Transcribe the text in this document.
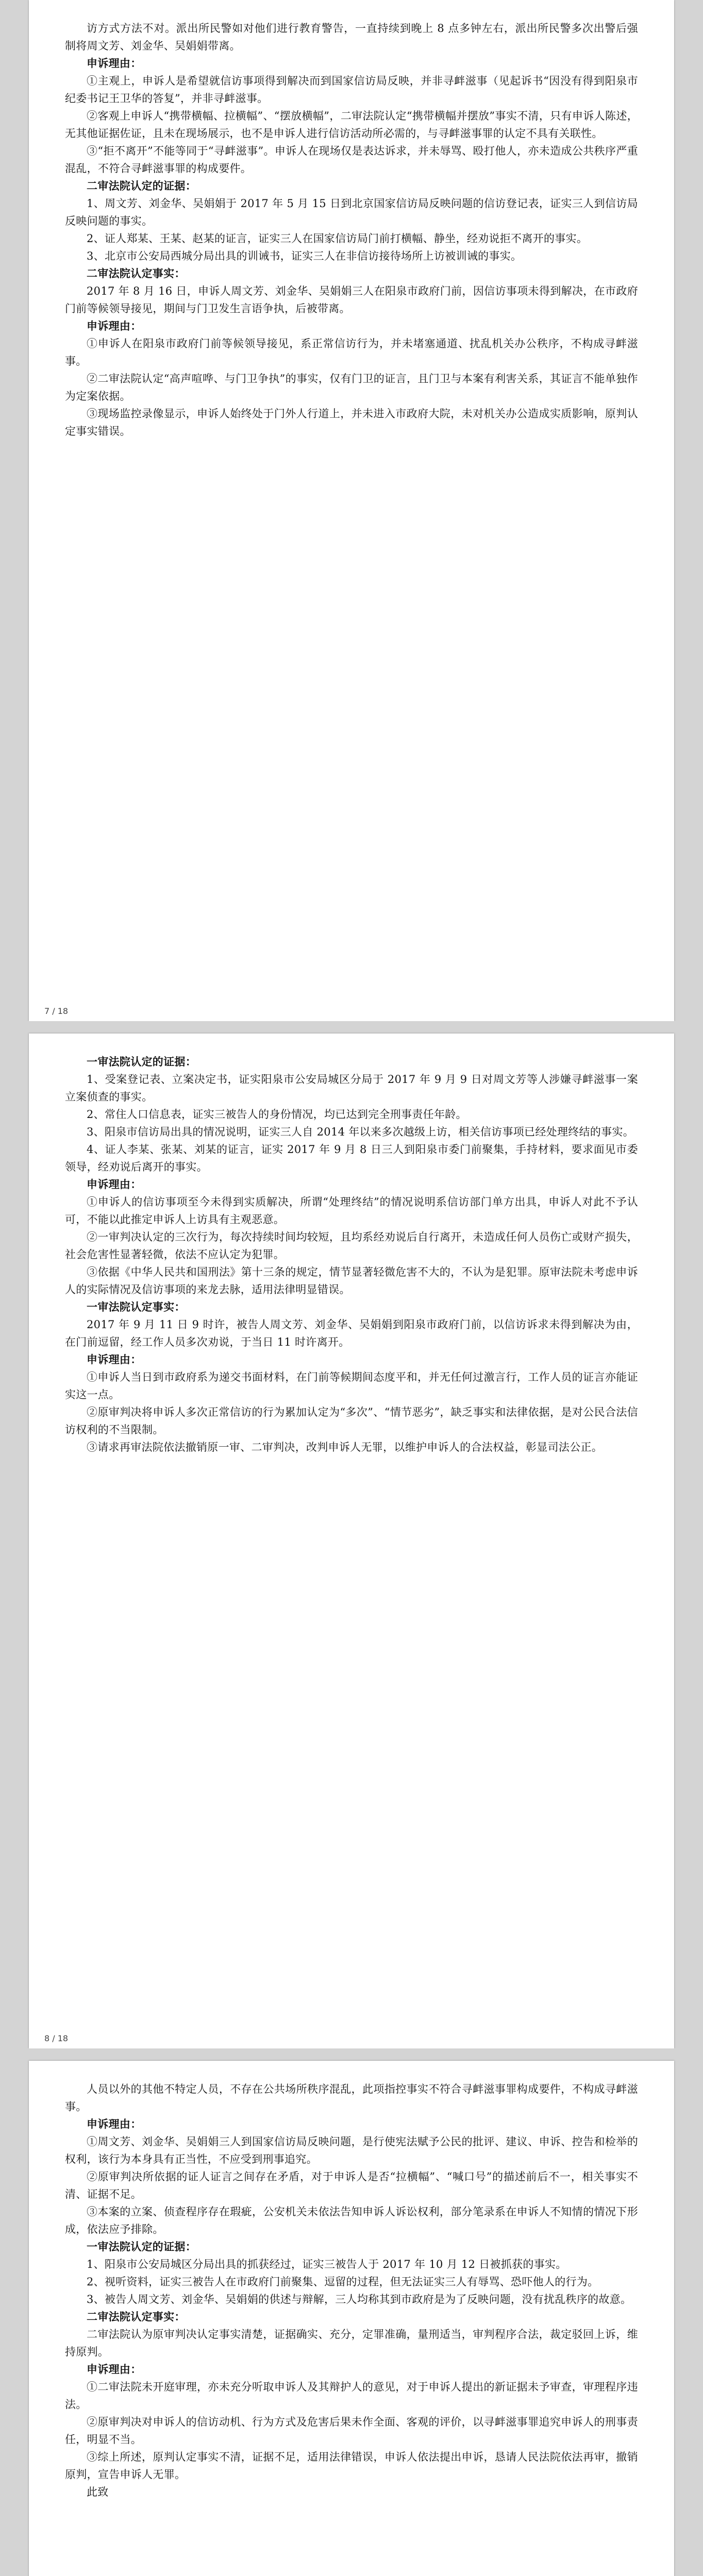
访方式方法不对。派出所民警如对他们进行教育警告，一直持续到晚上 8 点多钟左右，派出所民警多次出警后强制将周文芳、刘金华、吴娟娟带离。

申诉理由：

①主观上，申诉人是希望就信访事项得到解决而到国家信访局反映，并非寻衅滋事（见起诉书“因没有得到阳泉市纪委书记王卫华的答复”，并非寻衅滋事。

②客观上申诉人“携带横幅、拉横幅”、“摆放横幅”，二审法院认定“携带横幅并摆放”事实不清，只有申诉人陈述，无其他证据佐证，且未在现场展示，也不是申诉人进行信访活动所必需的，与寻衅滋事罪的认定不具有关联性。

③“拒不离开”不能等同于“寻衅滋事”。申诉人在现场仅是表达诉求，并未辱骂、殴打他人，亦未造成公共秩序严重混乱，不符合寻衅滋事罪的构成要件。

二审法院认定的证据：

1、周文芳、刘金华、吴娟娟于 2017 年 5 月 15 日到北京国家信访局反映问题的信访登记表，证实三人到信访局反映问题的事实。

2、证人郑某、王某、赵某的证言，证实三人在国家信访局门前打横幅、静坐，经劝说拒不离开的事实。

3、北京市公安局西城分局出具的训诫书，证实三人在非信访接待场所上访被训诫的事实。

二审法院认定事实：

2017 年 8 月 16 日，申诉人周文芳、刘金华、吴娟娟三人在阳泉市政府门前，因信访事项未得到解决，在市政府门前等候领导接见，期间与门卫发生言语争执，后被带离。

申诉理由：

①申诉人在阳泉市政府门前等候领导接见，系正常信访行为，并未堵塞通道、扰乱机关办公秩序，不构成寻衅滋事。

②二审法院认定“高声喧哗、与门卫争执”的事实，仅有门卫的证言，且门卫与本案有利害关系，其证言不能单独作为定案依据。

③现场监控录像显示，申诉人始终处于门外人行道上，并未进入市政府大院，未对机关办公造成实质影响，原判认定事实错误。

7 / 18

一审法院认定的证据：

1、受案登记表、立案决定书，证实阳泉市公安局城区分局于 2017 年 9 月 9 日对周文芳等人涉嫌寻衅滋事一案立案侦查的事实。

2、常住人口信息表，证实三被告人的身份情况，均已达到完全刑事责任年龄。

3、阳泉市信访局出具的情况说明，证实三人自 2014 年以来多次越级上访，相关信访事项已经处理终结的事实。

4、证人李某、张某、刘某的证言，证实 2017 年 9 月 8 日三人到阳泉市委门前聚集，手持材料，要求面见市委领导，经劝说后离开的事实。

申诉理由：

①申诉人的信访事项至今未得到实质解决，所谓“处理终结”的情况说明系信访部门单方出具，申诉人对此不予认可，不能以此推定申诉人上访具有主观恶意。

②一审判决认定的三次行为，每次持续时间均较短，且均系经劝说后自行离开，未造成任何人员伤亡或财产损失，社会危害性显著轻微，依法不应认定为犯罪。

③依据《中华人民共和国刑法》第十三条的规定，情节显著轻微危害不大的，不认为是犯罪。原审法院未考虑申诉人的实际情况及信访事项的来龙去脉，适用法律明显错误。

一审法院认定事实：

2017 年 9 月 11 日 9 时许，被告人周文芳、刘金华、吴娟娟到阳泉市政府门前，以信访诉求未得到解决为由，在门前逗留，经工作人员多次劝说，于当日 11 时许离开。

申诉理由：

①申诉人当日到市政府系为递交书面材料，在门前等候期间态度平和，并无任何过激言行，工作人员的证言亦能证实这一点。

②原审判决将申诉人多次正常信访的行为累加认定为“多次”、“情节恶劣”，缺乏事实和法律依据，是对公民合法信访权利的不当限制。

③请求再审法院依法撤销原一审、二审判决，改判申诉人无罪，以维护申诉人的合法权益，彰显司法公正。

8 / 18

人员以外的其他不特定人员，不存在公共场所秩序混乱，此项指控事实不符合寻衅滋事罪构成要件，不构成寻衅滋事。

申诉理由：

①周文芳、刘金华、吴娟娟三人到国家信访局反映问题，是行使宪法赋予公民的批评、建议、申诉、控告和检举的权利，该行为本身具有正当性，不应受到刑事追究。

②原审判决所依据的证人证言之间存在矛盾，对于申诉人是否“拉横幅”、“喊口号”的描述前后不一，相关事实不清、证据不足。

③本案的立案、侦查程序存在瑕疵，公安机关未依法告知申诉人诉讼权利，部分笔录系在申诉人不知情的情况下形成，依法应予排除。

一审法院认定的证据：

1、阳泉市公安局城区分局出具的抓获经过，证实三被告人于 2017 年 10 月 12 日被抓获的事实。

2、视听资料，证实三被告人在市政府门前聚集、逗留的过程，但无法证实三人有辱骂、恐吓他人的行为。

3、被告人周文芳、刘金华、吴娟娟的供述与辩解，三人均称其到市政府是为了反映问题，没有扰乱秩序的故意。

二审法院认定事实：

二审法院认为原审判决认定事实清楚，证据确实、充分，定罪准确，量刑适当，审判程序合法，裁定驳回上诉，维持原判。

申诉理由：

①二审法院未开庭审理，亦未充分听取申诉人及其辩护人的意见，对于申诉人提出的新证据未予审查，审理程序违法。

②原审判决对申诉人的信访动机、行为方式及危害后果未作全面、客观的评价，以寻衅滋事罪追究申诉人的刑事责任，明显不当。

③综上所述，原判认定事实不清，证据不足，适用法律错误，申诉人依法提出申诉，恳请人民法院依法再审，撤销原判，宣告申诉人无罪。

此致
